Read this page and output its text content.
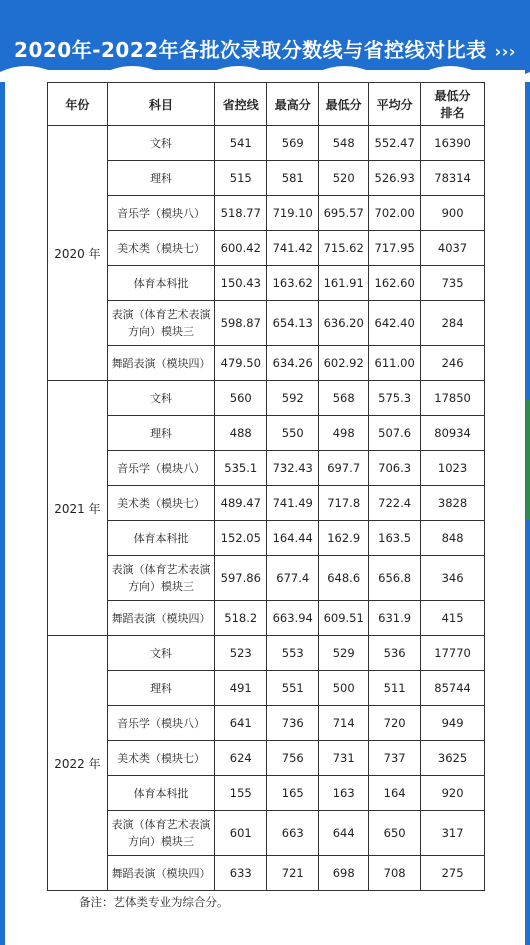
2020年-2022年各批次录取分数线与省控线对比表 ›››
年份	科目	省控线	最高分	最低分	平均分	最低分
排名
2020 年	文科	541	569	548	552.47	16390
	理科	515	581	520	526.93	78314
	音乐学（模块八）	518.77	719.10	695.57	702.00	900
	美术类（模块七）	600.42	741.42	715.62	717.95	4037
	体育本科批	150.43	163.62	161.91	162.60	735
	表演（体育艺术表演方向）模块三	598.87	654.13	636.20	642.40	284
	舞蹈表演（模块四）	479.50	634.26	602.92	611.00	246
2021 年	文科	560	592	568	575.3	17850
	理科	488	550	498	507.6	80934
	音乐学（模块八）	535.1	732.43	697.7	706.3	1023
	美术类（模块七）	489.47	741.49	717.8	722.4	3828
	体育本科批	152.05	164.44	162.9	163.5	848
	表演（体育艺术表演方向）模块三	597.86	677.4	648.6	656.8	346
	舞蹈表演（模块四）	518.2	663.94	609.51	631.9	415
2022 年	文科	523	553	529	536	17770
	理科	491	551	500	511	85744
	音乐学（模块八）	641	736	714	720	949
	美术类（模块七）	624	756	731	737	3625
	体育本科批	155	165	163	164	920
	表演（体育艺术表演方向）模块三	601	663	644	650	317
	舞蹈表演（模块四）	633	721	698	708	275
备注：艺体类专业为综合分。
